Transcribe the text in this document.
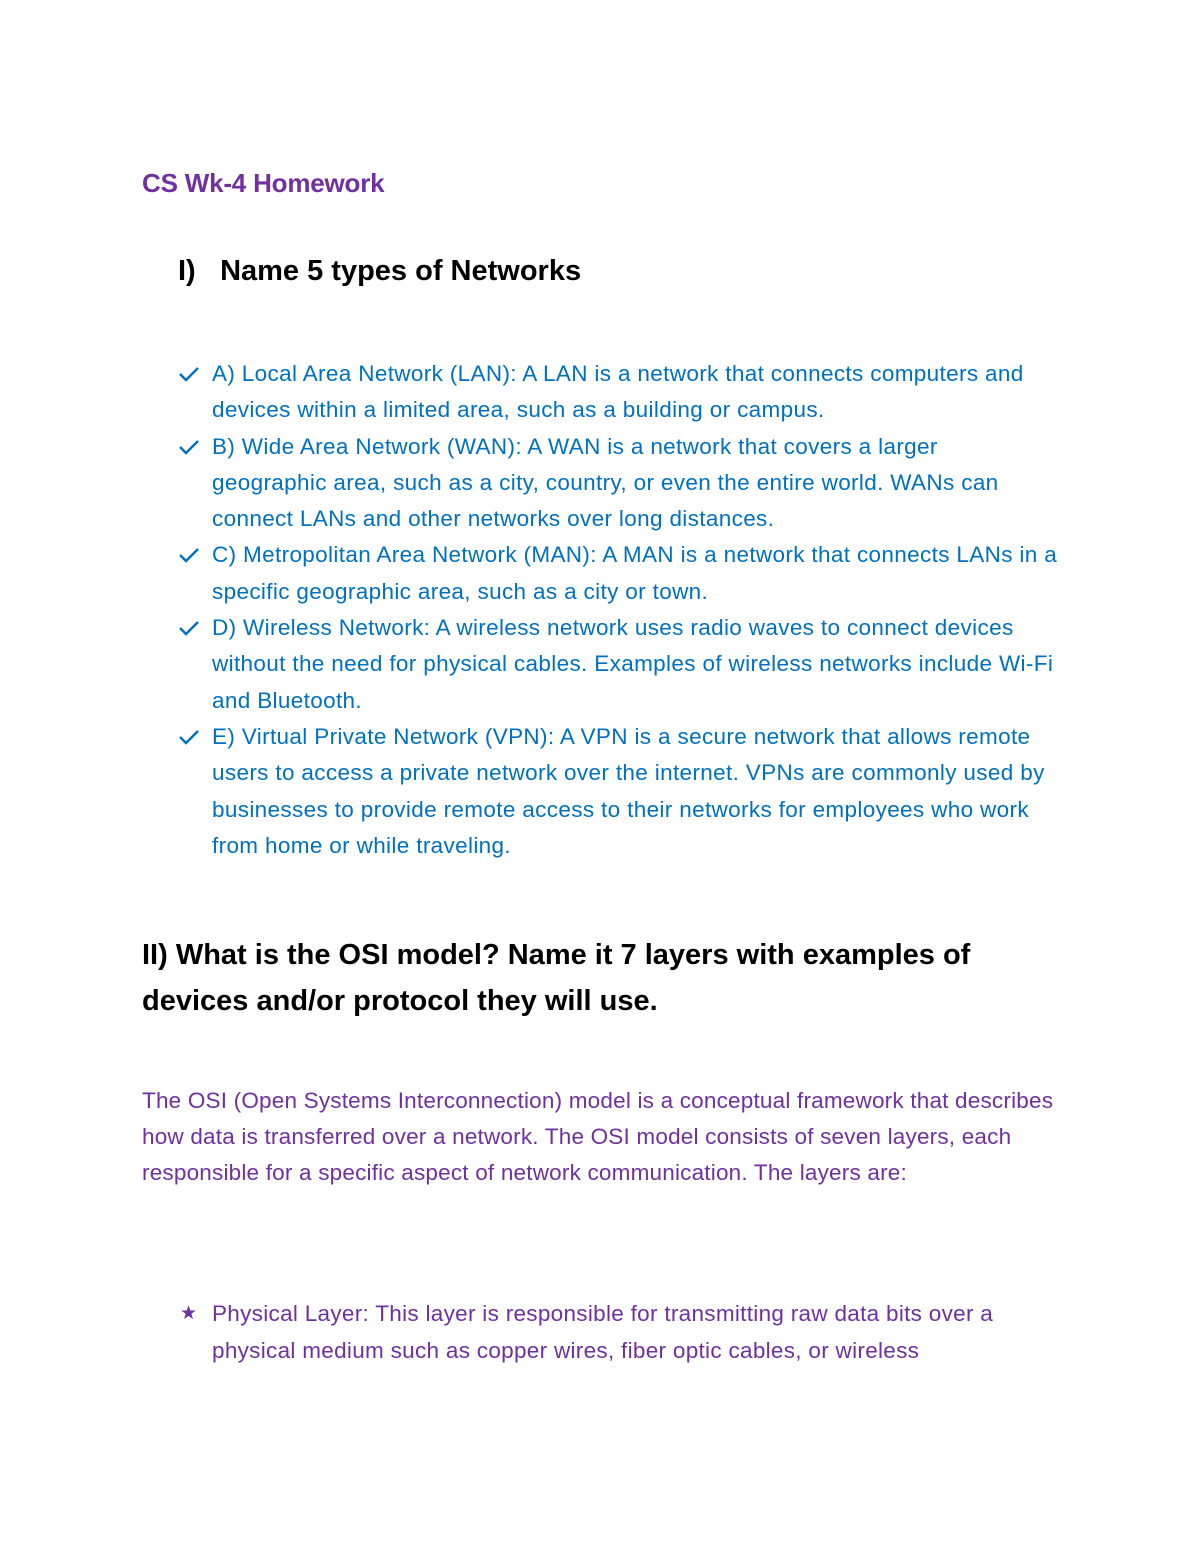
CS Wk-4 Homework
I) Name 5 types of Networks
A) Local Area Network (LAN): A LAN is a network that connects computers and devices within a limited area, such as a building or campus.
B) Wide Area Network (WAN): A WAN is a network that covers a larger geographic area, such as a city, country, or even the entire world. WANs can connect LANs and other networks over long distances.
C) Metropolitan Area Network (MAN): A MAN is a network that connects LANs in a specific geographic area, such as a city or town.
D) Wireless Network: A wireless network uses radio waves to connect devices without the need for physical cables. Examples of wireless networks include Wi-Fi and Bluetooth.
E) Virtual Private Network (VPN): A VPN is a secure network that allows remote users to access a private network over the internet. VPNs are commonly used by businesses to provide remote access to their networks for employees who work from home or while traveling.
II) What is the OSI model? Name it 7 layers with examples of devices and/or protocol they will use.
The OSI (Open Systems Interconnection) model is a conceptual framework that describes how data is transferred over a network. The OSI model consists of seven layers, each responsible for a specific aspect of network communication. The layers are:
★ Physical Layer: This layer is responsible for transmitting raw data bits over a physical medium such as copper wires, fiber optic cables, or wireless
